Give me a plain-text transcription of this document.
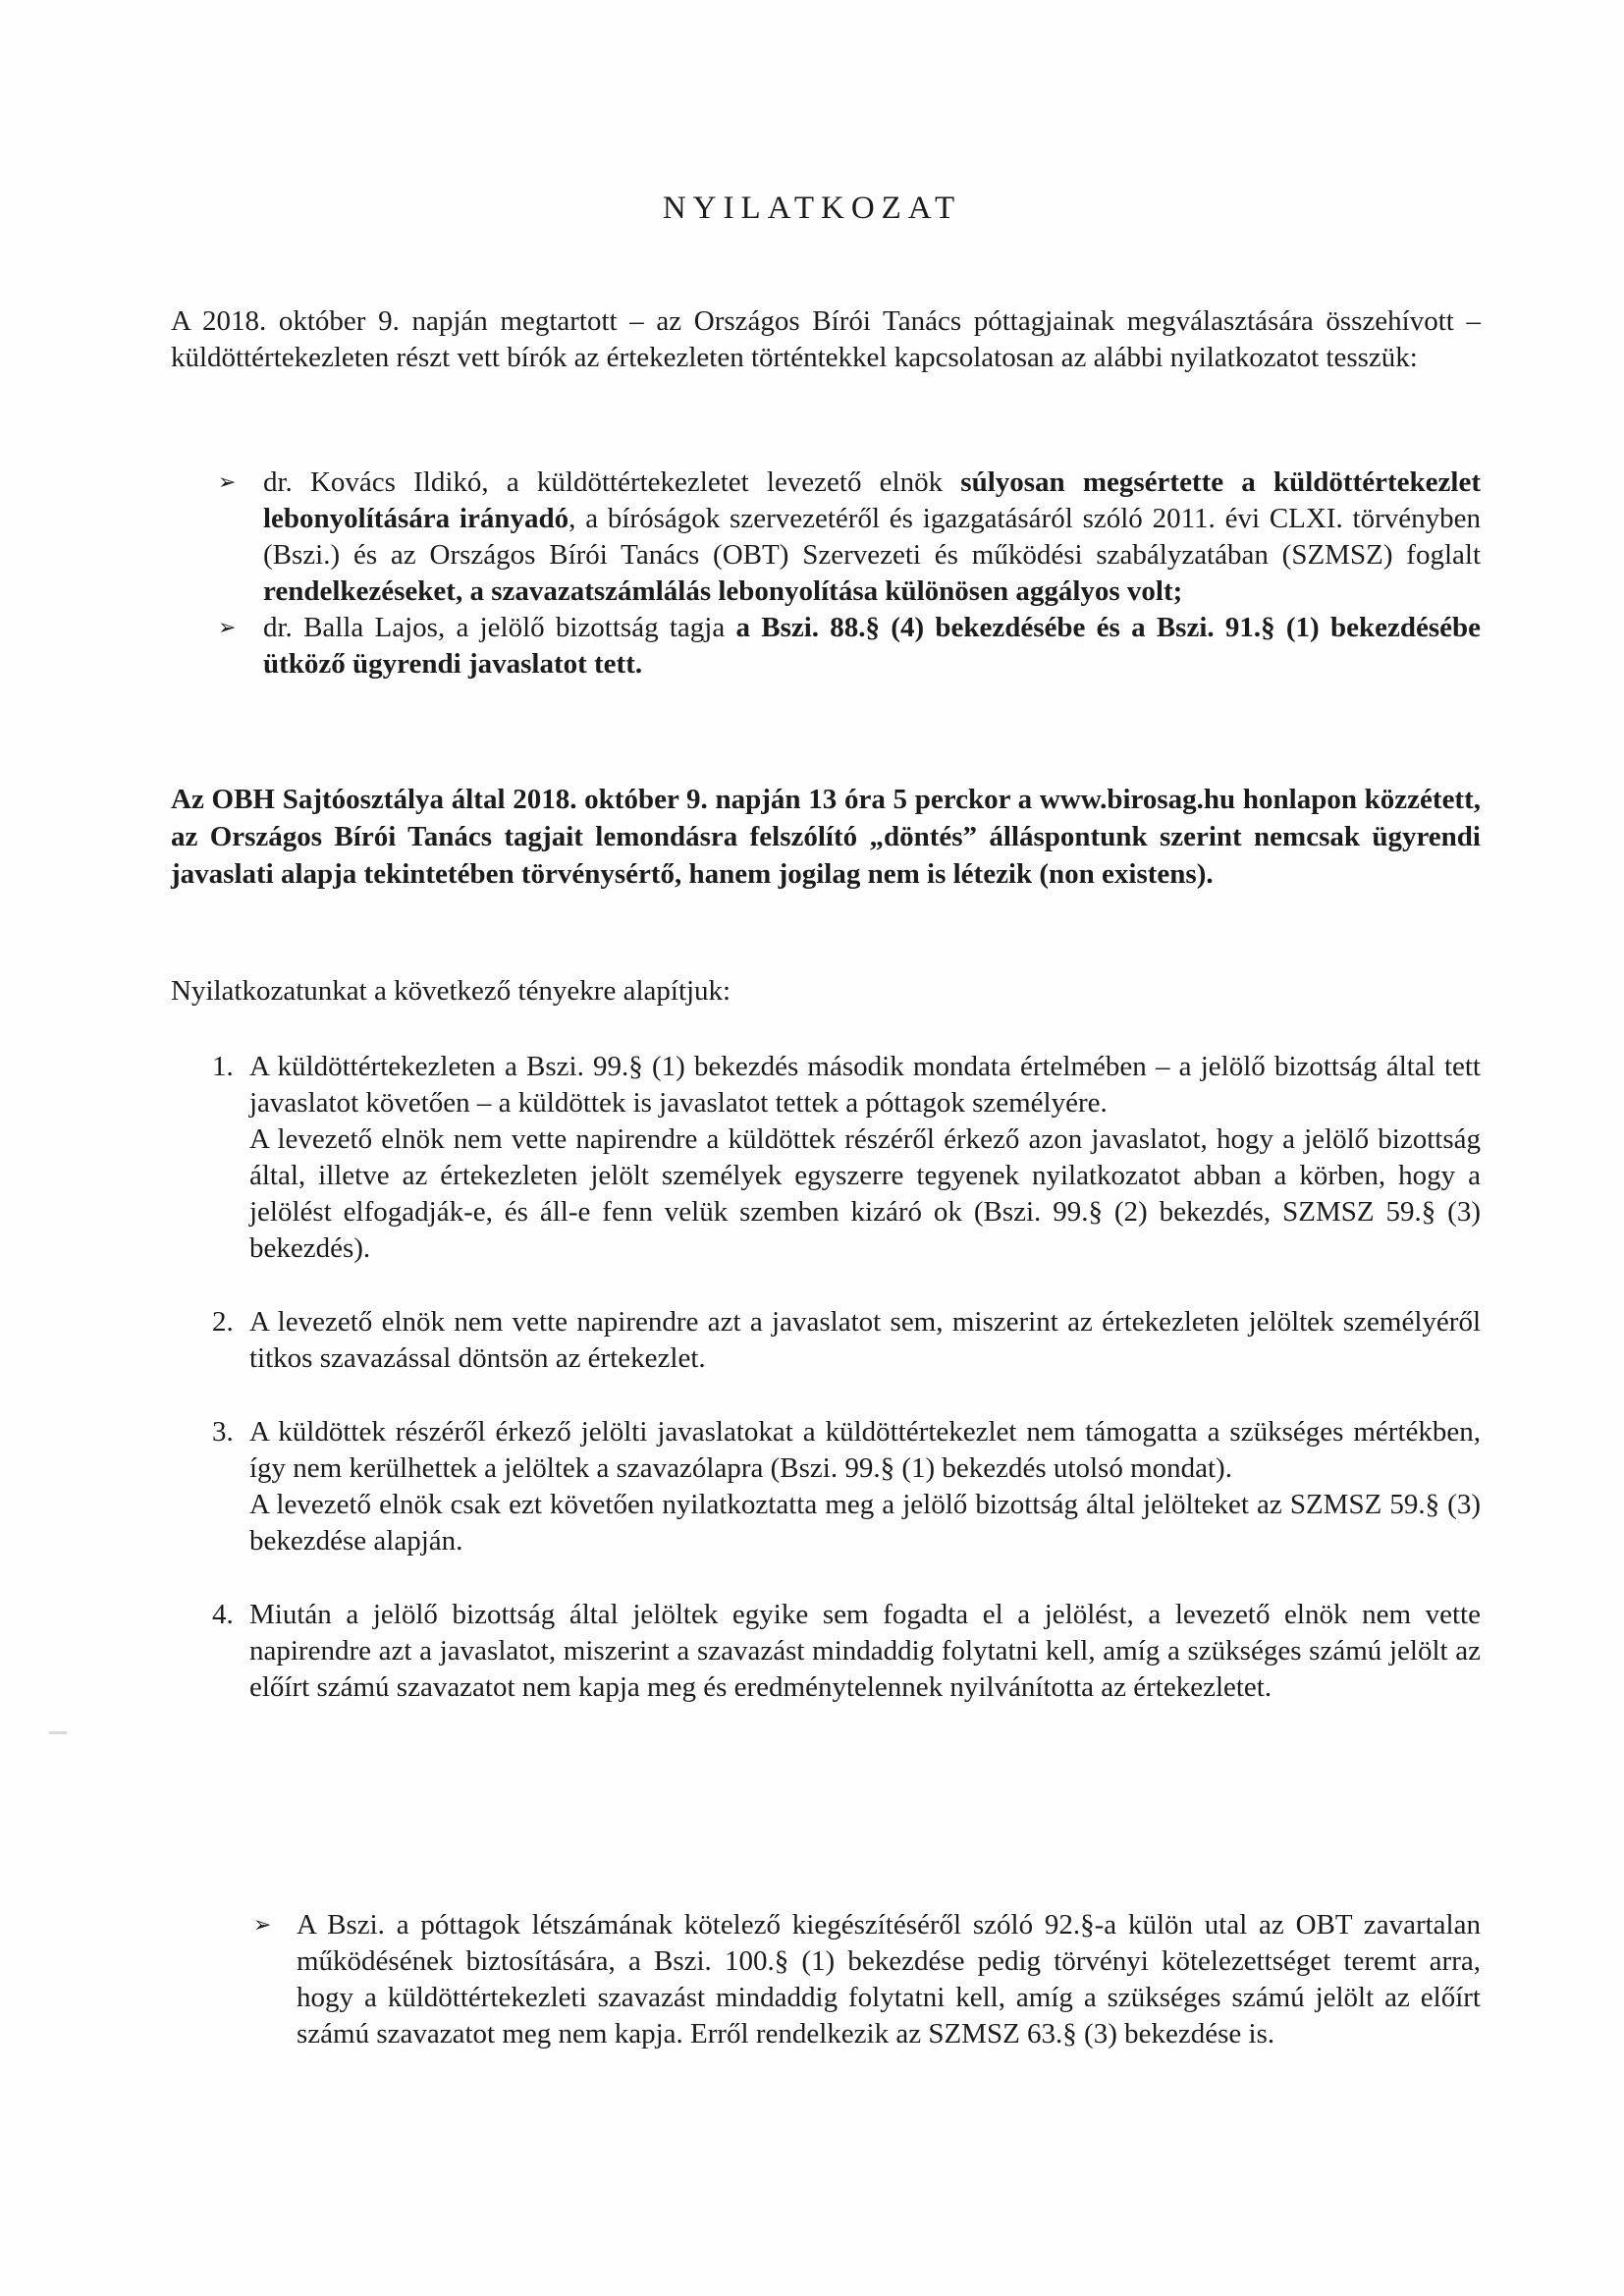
NYILATKOZAT
A 2018. október 9. napján megtartott – az Országos Bírói Tanács póttagjainak megválasztására összehívott – küldöttértekezleten részt vett bírók az értekezleten történtekkel kapcsolatosan az alábbi nyilatkozatot tesszük:
➢ dr. Kovács Ildikó, a küldöttértekezletet levezető elnök súlyosan megsértette a küldöttértekezlet lebonyolítására irányadó, a bíróságok szervezetéről és igazgatásáról szóló 2011. évi CLXI. törvényben (Bszi.) és az Országos Bírói Tanács (OBT) Szervezeti és működési szabályzatában (SZMSZ) foglalt rendelkezéseket, a szavazatszámlálás lebonyolítása különösen aggályos volt;
➢ dr. Balla Lajos, a jelölő bizottság tagja a Bszi. 88.§ (4) bekezdésébe és a Bszi. 91.§ (1) bekezdésébe ütköző ügyrendi javaslatot tett.
Az OBH Sajtóosztálya által 2018. október 9. napján 13 óra 5 perckor a www.birosag.hu honlapon közzétett, az Országos Bírói Tanács tagjait lemondásra felszólító „döntés” álláspontunk szerint nemcsak ügyrendi javaslati alapja tekintetében törvénysértő, hanem jogilag nem is létezik (non existens).
Nyilatkozatunkat a következő tényekre alapítjuk:
1. A küldöttértekezleten a Bszi. 99.§ (1) bekezdés második mondata értelmében – a jelölő bizottság által tett javaslatot követően – a küldöttek is javaslatot tettek a póttagok személyére.

A levezető elnök nem vette napirendre a küldöttek részéről érkező azon javaslatot, hogy a jelölő bizottság által, illetve az értekezleten jelölt személyek egyszerre tegyenek nyilatkozatot abban a körben, hogy a jelölést elfogadják-e, és áll-e fenn velük szemben kizáró ok (Bszi. 99.§ (2) bekezdés, SZMSZ 59.§ (3) bekezdés).

2. A levezető elnök nem vette napirendre azt a javaslatot sem, miszerint az értekezleten jelöltek személyéről titkos szavazással döntsön az értekezlet.

3. A küldöttek részéről érkező jelölti javaslatokat a küldöttértekezlet nem támogatta a szükséges mértékben, így nem kerülhettek a jelöltek a szavazólapra (Bszi. 99.§ (1) bekezdés utolsó mondat).

A levezető elnök csak ezt követően nyilatkoztatta meg a jelölő bizottság által jelölteket az SZMSZ 59.§ (3) bekezdése alapján.

4. Miután a jelölő bizottság által jelöltek egyike sem fogadta el a jelölést, a levezető elnök nem vette napirendre azt a javaslatot, miszerint a szavazást mindaddig folytatni kell, amíg a szükséges számú jelölt az előírt számú szavazatot nem kapja meg és eredménytelennek nyilvánította az értekezletet.

➢ A Bszi. a póttagok létszámának kötelező kiegészítéséről szóló 92.§-a külön utal az OBT zavartalan működésének biztosítására, a Bszi. 100.§ (1) bekezdése pedig törvényi kötelezettséget teremt arra, hogy a küldöttértekezleti szavazást mindaddig folytatni kell, amíg a szükséges számú jelölt az előírt számú szavazatot meg nem kapja. Erről rendelkezik az SZMSZ 63.§ (3) bekezdése is.
